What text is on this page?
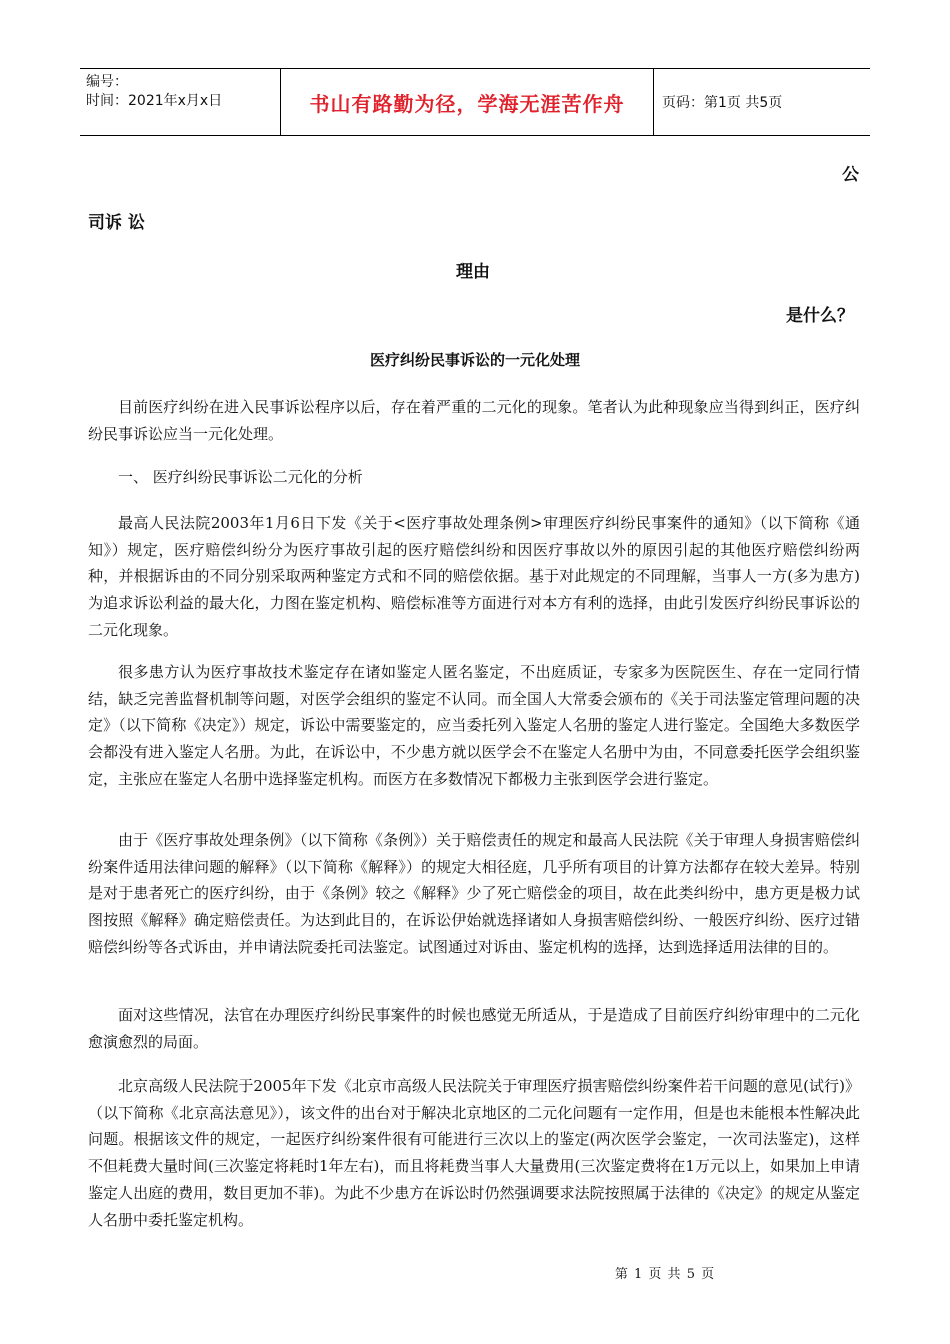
编号：
时间：2021年x月x日	书山有路勤为径，学海无涯苦作舟	页码：第1页 共5页
公
司诉 讼
理由
是什么？
医疗纠纷民事诉讼的一元化处理

目前医疗纠纷在进入民事诉讼程序以后，存在着严重的二元化的现象。笔者认为此种现象应当得到纠正，医疗纠纷民事诉讼应当一元化处理。

一、 医疗纠纷民事诉讼二元化的分析

最高人民法院2003年1月6日下发《关于<医疗事故处理条例>审理医疗纠纷民事案件的通知》（以下简称《通知》）规定，医疗赔偿纠纷分为医疗事故引起的医疗赔偿纠纷和因医疗事故以外的原因引起的其他医疗赔偿纠纷两种，并根据诉由的不同分别采取两种鉴定方式和不同的赔偿依据。基于对此规定的不同理解，当事人一方(多为患方)为追求诉讼利益的最大化，力图在鉴定机构、赔偿标准等方面进行对本方有利的选择，由此引发医疗纠纷民事诉讼的二元化现象。

很多患方认为医疗事故技术鉴定存在诸如鉴定人匿名鉴定，不出庭质证，专家多为医院医生、存在一定同行情结，缺乏完善监督机制等问题，对医学会组织的鉴定不认同。而全国人大常委会颁布的《关于司法鉴定管理问题的决定》（以下简称《决定》）规定，诉讼中需要鉴定的，应当委托列入鉴定人名册的鉴定人进行鉴定。全国绝大多数医学会都没有进入鉴定人名册。为此，在诉讼中，不少患方就以医学会不在鉴定人名册中为由，不同意委托医学会组织鉴定，主张应在鉴定人名册中选择鉴定机构。而医方在多数情况下都极力主张到医学会进行鉴定。

由于《医疗事故处理条例》（以下简称《条例》）关于赔偿责任的规定和最高人民法院《关于审理人身损害赔偿纠纷案件适用法律问题的解释》（以下简称《解释》）的规定大相径庭，几乎所有项目的计算方法都存在较大差异。特别是对于患者死亡的医疗纠纷，由于《条例》较之《解释》少了死亡赔偿金的项目，故在此类纠纷中，患方更是极力试图按照《解释》确定赔偿责任。为达到此目的，在诉讼伊始就选择诸如人身损害赔偿纠纷、一般医疗纠纷、医疗过错赔偿纠纷等各式诉由，并申请法院委托司法鉴定。试图通过对诉由、鉴定机构的选择，达到选择适用法律的目的。

面对这些情况，法官在办理医疗纠纷民事案件的时候也感觉无所适从，于是造成了目前医疗纠纷审理中的二元化愈演愈烈的局面。

北京高级人民法院于2005年下发《北京市高级人民法院关于审理医疗损害赔偿纠纷案件若干问题的意见(试行)》（以下简称《北京高法意见》），该文件的出台对于解决北京地区的二元化问题有一定作用，但是也未能根本性解决此问题。根据该文件的规定，一起医疗纠纷案件很有可能进行三次以上的鉴定(两次医学会鉴定，一次司法鉴定)，这样不但耗费大量时间(三次鉴定将耗时1年左右)，而且将耗费当事人大量费用(三次鉴定费将在1万元以上，如果加上申请鉴定人出庭的费用，数目更加不菲)。为此不少患方在诉讼时仍然强调要求法院按照属于法律的《决定》的规定从鉴定人名册中委托鉴定机构。

第 1 页 共 5 页
